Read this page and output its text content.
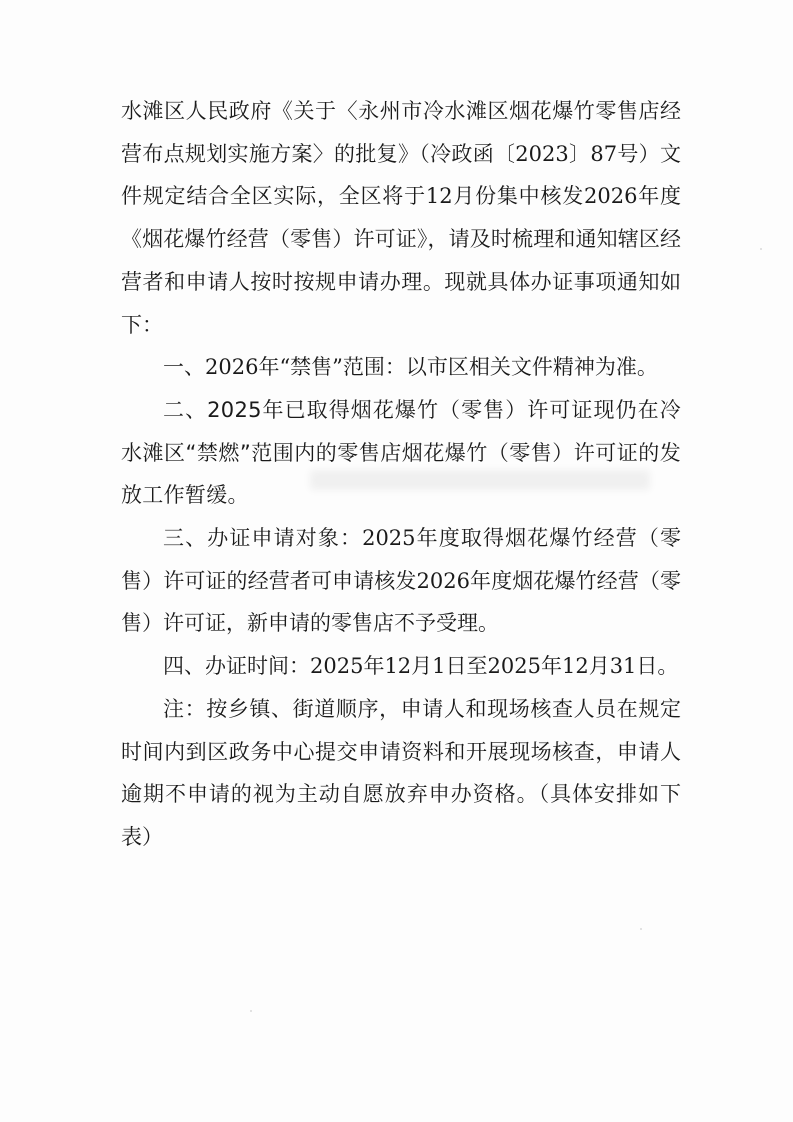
水滩区人民政府《关于〈永州市冷水滩区烟花爆竹零售店经营布点规划实施方案〉的批复》（冷政函〔2023〕87号）文件规定结合全区实际，全区将于12月份集中核发2026年度《烟花爆竹经营（零售）许可证》，请及时梳理和通知辖区经营者和申请人按时按规申请办理。现就具体办证事项通知如下：

一、2026年“禁售”范围：以市区相关文件精神为准。

二、2025年已取得烟花爆竹（零售）许可证现仍在冷水滩区“禁燃”范围内的零售店烟花爆竹（零售）许可证的发放工作暂缓。

三、办证申请对象：2025年度取得烟花爆竹经营（零售）许可证的经营者可申请核发2026年度烟花爆竹经营（零售）许可证，新申请的零售店不予受理。

四、办证时间：2025年12月1日至2025年12月31日。

注：按乡镇、街道顺序，申请人和现场核查人员在规定时间内到区政务中心提交申请资料和开展现场核查，申请人逾期不申请的视为主动自愿放弃申办资格。（具体安排如下表）
